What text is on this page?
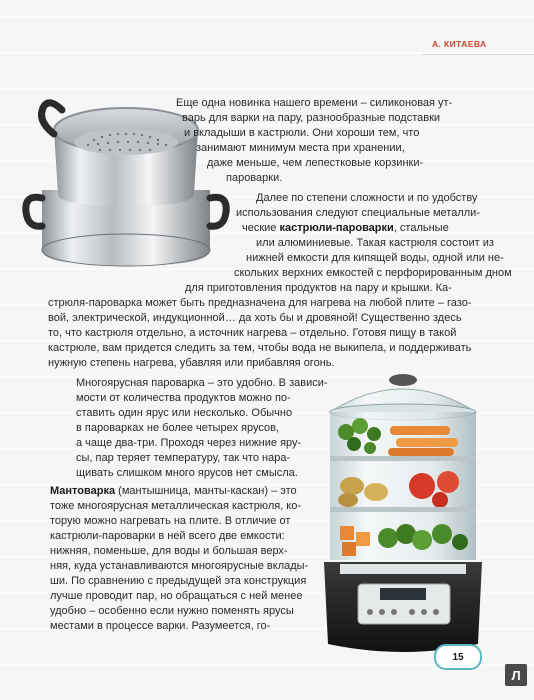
А. КИТАЕВА
Еще одна новинка нашего времени – силиконовая ут-
варь для варки на пару, разнообразные подставки
и вкладыши в кастрюли. Они хороши тем, что
занимают минимум места при хранении,
даже меньше, чем лепестковые корзинки-
пароварки.
Далее по степени сложности и по удобству
использования следуют специальные металли-
ческие кастрюли-пароварки, стальные
или алюминиевые. Такая кастрюля состоит из
нижней емкости для кипящей воды, одной или не-
скольких верхних емкостей с перфорированным дном
для приготовления продуктов на пару и крышки. Ка-
стрюля-пароварка может быть предназначена для нагрева на любой плите – газо-
вой, электрической, индукционной… да хоть бы и дровяной! Существенно здесь
то, что кастрюля отдельно, а источник нагрева – отдельно. Готовя пищу в такой
кастрюле, вам придется следить за тем, чтобы вода не выкипела, и поддерживать
нужную степень нагрева, убавляя или прибавляя огонь.
Многоярусная пароварка – это удобно. В зависи-
мости от количества продуктов можно по-
ставить один ярус или несколько. Обычно
в пароварках не более четырех ярусов,
а чаще два-три. Проходя через нижние яру-
сы, пар теряет температуру, так что нара-
щивать слишком много ярусов нет смысла.
Мантоварка (мантышница, манты-каскан) – это
тоже многоярусная металлическая кастрюля, ко-
торую можно нагревать на плите. В отличие от
кастрюли-пароварки в ней всего две емкости:
нижняя, поменьше, для воды и большая верх-
няя, куда устанавливаются многоярусные вклады-
ши. По сравнению с предыдущей эта конструкция
лучше проводит пар, но обращаться с ней менее
удобно – особенно если нужно поменять ярусы
местами в процессе варки. Разумеется, го-
15
Л
